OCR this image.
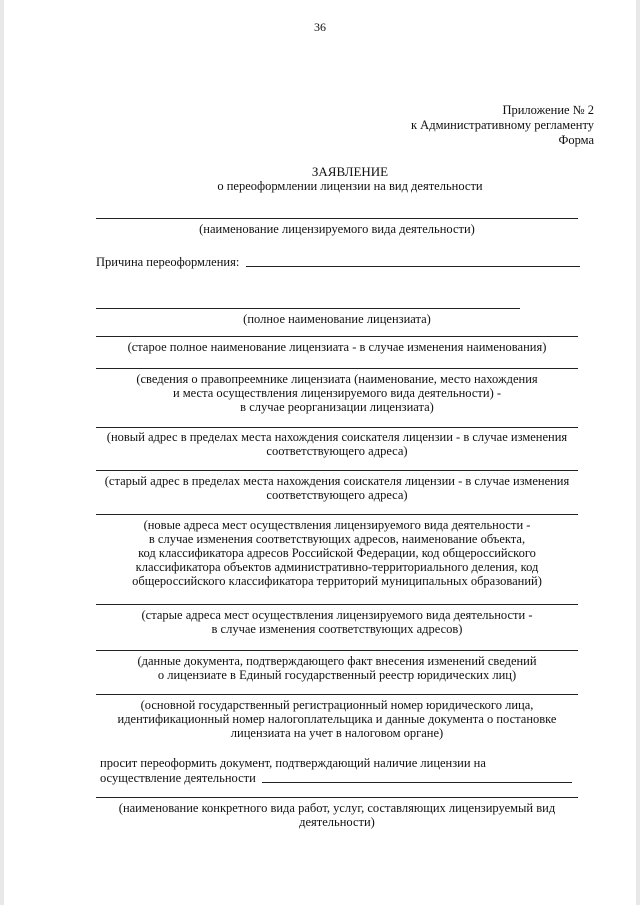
36
Приложение № 2
к Административному регламенту
Форма
ЗАЯВЛЕНИЕ
о переоформлении лицензии на вид деятельности
(наименование лицензируемого вида деятельности)
Причина переоформления:
(полное наименование лицензиата)
(старое полное наименование лицензиата - в случае изменения наименования)
(сведения о правопреемнике лицензиата (наименование, место нахождения
и места осуществления лицензируемого вида деятельности) -
в случае реорганизации лицензиата)
(новый адрес в пределах места нахождения соискателя лицензии - в случае изменения
соответствующего адреса)
(старый адрес в пределах места нахождения соискателя лицензии - в случае изменения
соответствующего адреса)
(новые адреса мест осуществления лицензируемого вида деятельности -
в случае изменения соответствующих адресов, наименование объекта,
код классификатора адресов Российской Федерации, код общероссийского
классификатора объектов административно-территориального деления, код
общероссийского классификатора территорий муниципальных образований)
(старые адреса мест осуществления лицензируемого вида деятельности -
в случае изменения соответствующих адресов)
(данные документа, подтверждающего факт внесения изменений сведений
о лицензиате в Единый государственный реестр юридических лиц)
(основной государственный регистрационный номер юридического лица,
идентификационный номер налогоплательщика и данные документа о постановке
лицензиата на учет в налоговом органе)
просит переоформить документ, подтверждающий наличие лицензии на
осуществление деятельности
(наименование конкретного вида работ, услуг, составляющих лицензируемый вид
деятельности)
